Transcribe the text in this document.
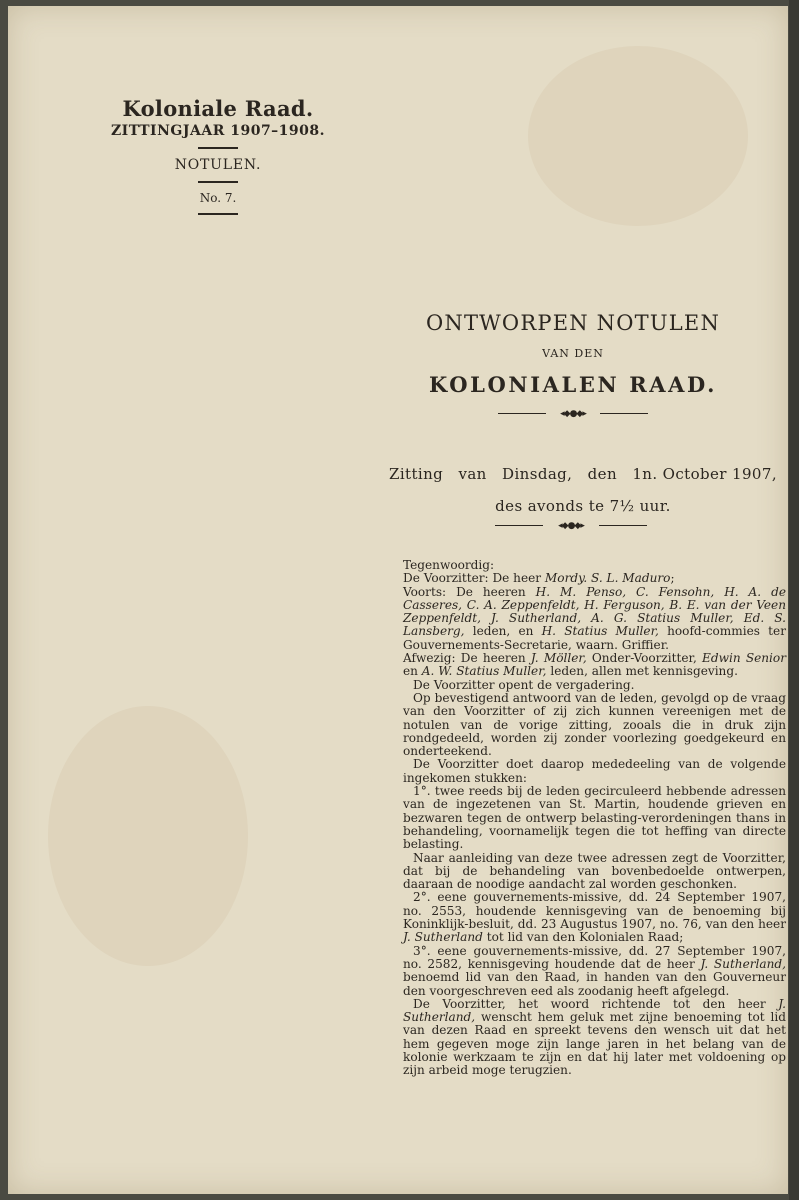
Koloniale Raad.
ZITTINGJAAR 1907–1908.
NOTULEN.
No. 7.
ONTWORPEN NOTULEN
VAN DEN
KOLONIALEN RAAD.
◂◆●◆▸
Zitting van Dinsdag, den 1n. October 1907,
des avonds te 7½ uur.
◂◆●◆▸

Tegenwoordig:

De Voorzitter: De heer Mordy. S. L. Maduro;

Voorts: De heeren H. M. Penso, C. Fensohn, H. A. de Casseres, C. A. Zeppenfeldt, H. Ferguson, B. E. van der Veen Zeppenfeldt, J. Sutherland, A. G. Statius Muller, Ed. S. Lansberg, leden, en H. Statius Muller, hoofd-commies ter Gouvernements-Secretarie, waarn. Griffier.

Afwezig: De heeren J. Möller, Onder-Voorzitter, Edwin Senior en A. W. Statius Muller, leden, allen met kennisgeving.

De Voorzitter opent de vergadering.

Op bevestigend antwoord van de leden, gevolgd op de vraag van den Voorzitter of zij zich kunnen vereenigen met de notulen van de vorige zitting, zooals die in druk zijn rondgedeeld, worden zij zonder voorlezing goedgekeurd en onderteekend.

De Voorzitter doet daarop mededeeling van de volgende ingekomen stukken:

1°. twee reeds bij de leden gecirculeerd hebbende adressen van de ingezetenen van St. Martin, houdende grieven en bezwaren tegen de ontwerp belasting-verordeningen thans in behandeling, voornamelijk tegen die tot heffing van directe belasting.

Naar aanleiding van deze twee adressen zegt de Voorzitter, dat bij de behandeling van bovenbedoelde ontwerpen, daaraan de noodige aandacht zal worden geschonken.

2°. eene gouvernements-missive, dd. 24 September 1907, no. 2553, houdende kennisgeving van de benoeming bij Koninklijk-besluit, dd. 23 Augustus 1907, no. 76, van den heer J. Sutherland tot lid van den Kolonialen Raad;

3°. eene gouvernements-missive, dd. 27 September 1907, no. 2582, kennisgeving houdende dat de heer J. Sutherland, benoemd lid van den Raad, in handen van den Gouverneur den voorgeschreven eed als zoodanig heeft afgelegd.

De Voorzitter, het woord richtende tot den heer J. Sutherland, wenscht hem geluk met zijne benoeming tot lid van dezen Raad en spreekt tevens den wensch uit dat het hem gegeven moge zijn lange jaren in het belang van de kolonie werkzaam te zijn en dat hij later met voldoening op zijn arbeid moge terugzien.
